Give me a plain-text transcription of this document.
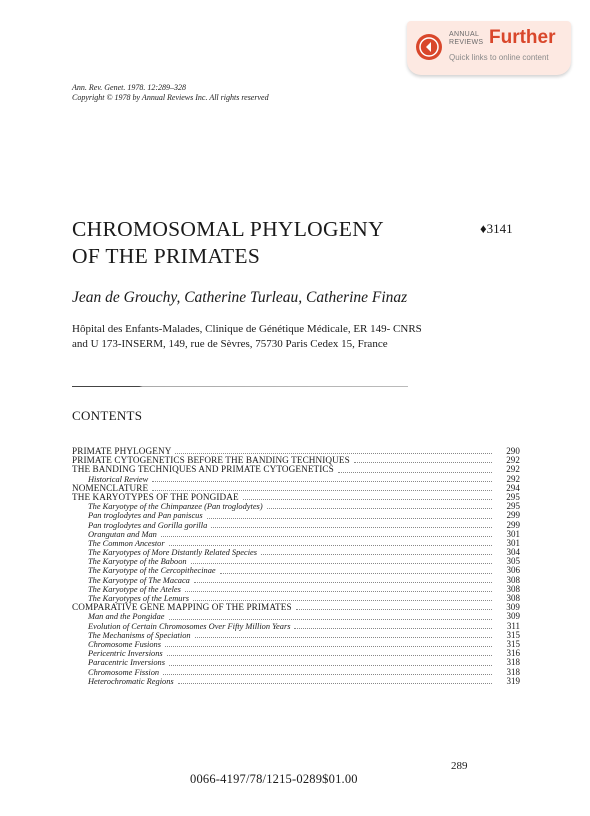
ANNUAL
REVIEWS Further
Quick links to online content
Ann. Rev. Genet. 1978. 12:289–328
Copyright © 1978 by Annual Reviews Inc. All rights reserved
CHROMOSOMAL PHYLOGENY
OF THE PRIMATES
♦3141
Jean de Grouchy, Catherine Turleau, Catherine Finaz
Hôpital des Enfants-Malades, Clinique de Génétique Médicale, ER 149- CNRS
and U 173-INSERM, 149, rue de Sèvres, 75730 Paris Cedex 15, France
CONTENTS
PRIMATE PHYLOGENY	290
PRIMATE CYTOGENETICS BEFORE THE BANDING TECHNIQUES	292
THE BANDING TECHNIQUES AND PRIMATE CYTOGENETICS	292
Historical Review	292
NOMENCLATURE	294
THE KARYOTYPES OF THE PONGIDAE	295
The Karyotype of the Chimpanzee (Pan troglodytes)	295
Pan troglodytes and Pan paniscus	299
Pan troglodytes and Gorilla gorilla	299
Orangutan and Man	301
The Common Ancestor	301
The Karyotypes of More Distantly Related Species	304
The Karyotype of the Baboon	305
The Karyotype of the Cercopithecinae	306
The Karyotype of The Macaca	308
The Karyotype of the Ateles	308
The Karyotypes of the Lemurs	308
COMPARATIVE GENE MAPPING OF THE PRIMATES	309
Man and the Pongidae	309
Evolution of Certain Chromosomes Over Fifty Million Years	311
The Mechanisms of Speciation	315
Chromosome Fusions	315
Pericentric Inversions	316
Paracentric Inversions	318
Chromosome Fission	318
Heterochromatic Regions	319
289
0066-4197/78/1215-0289$01.00
